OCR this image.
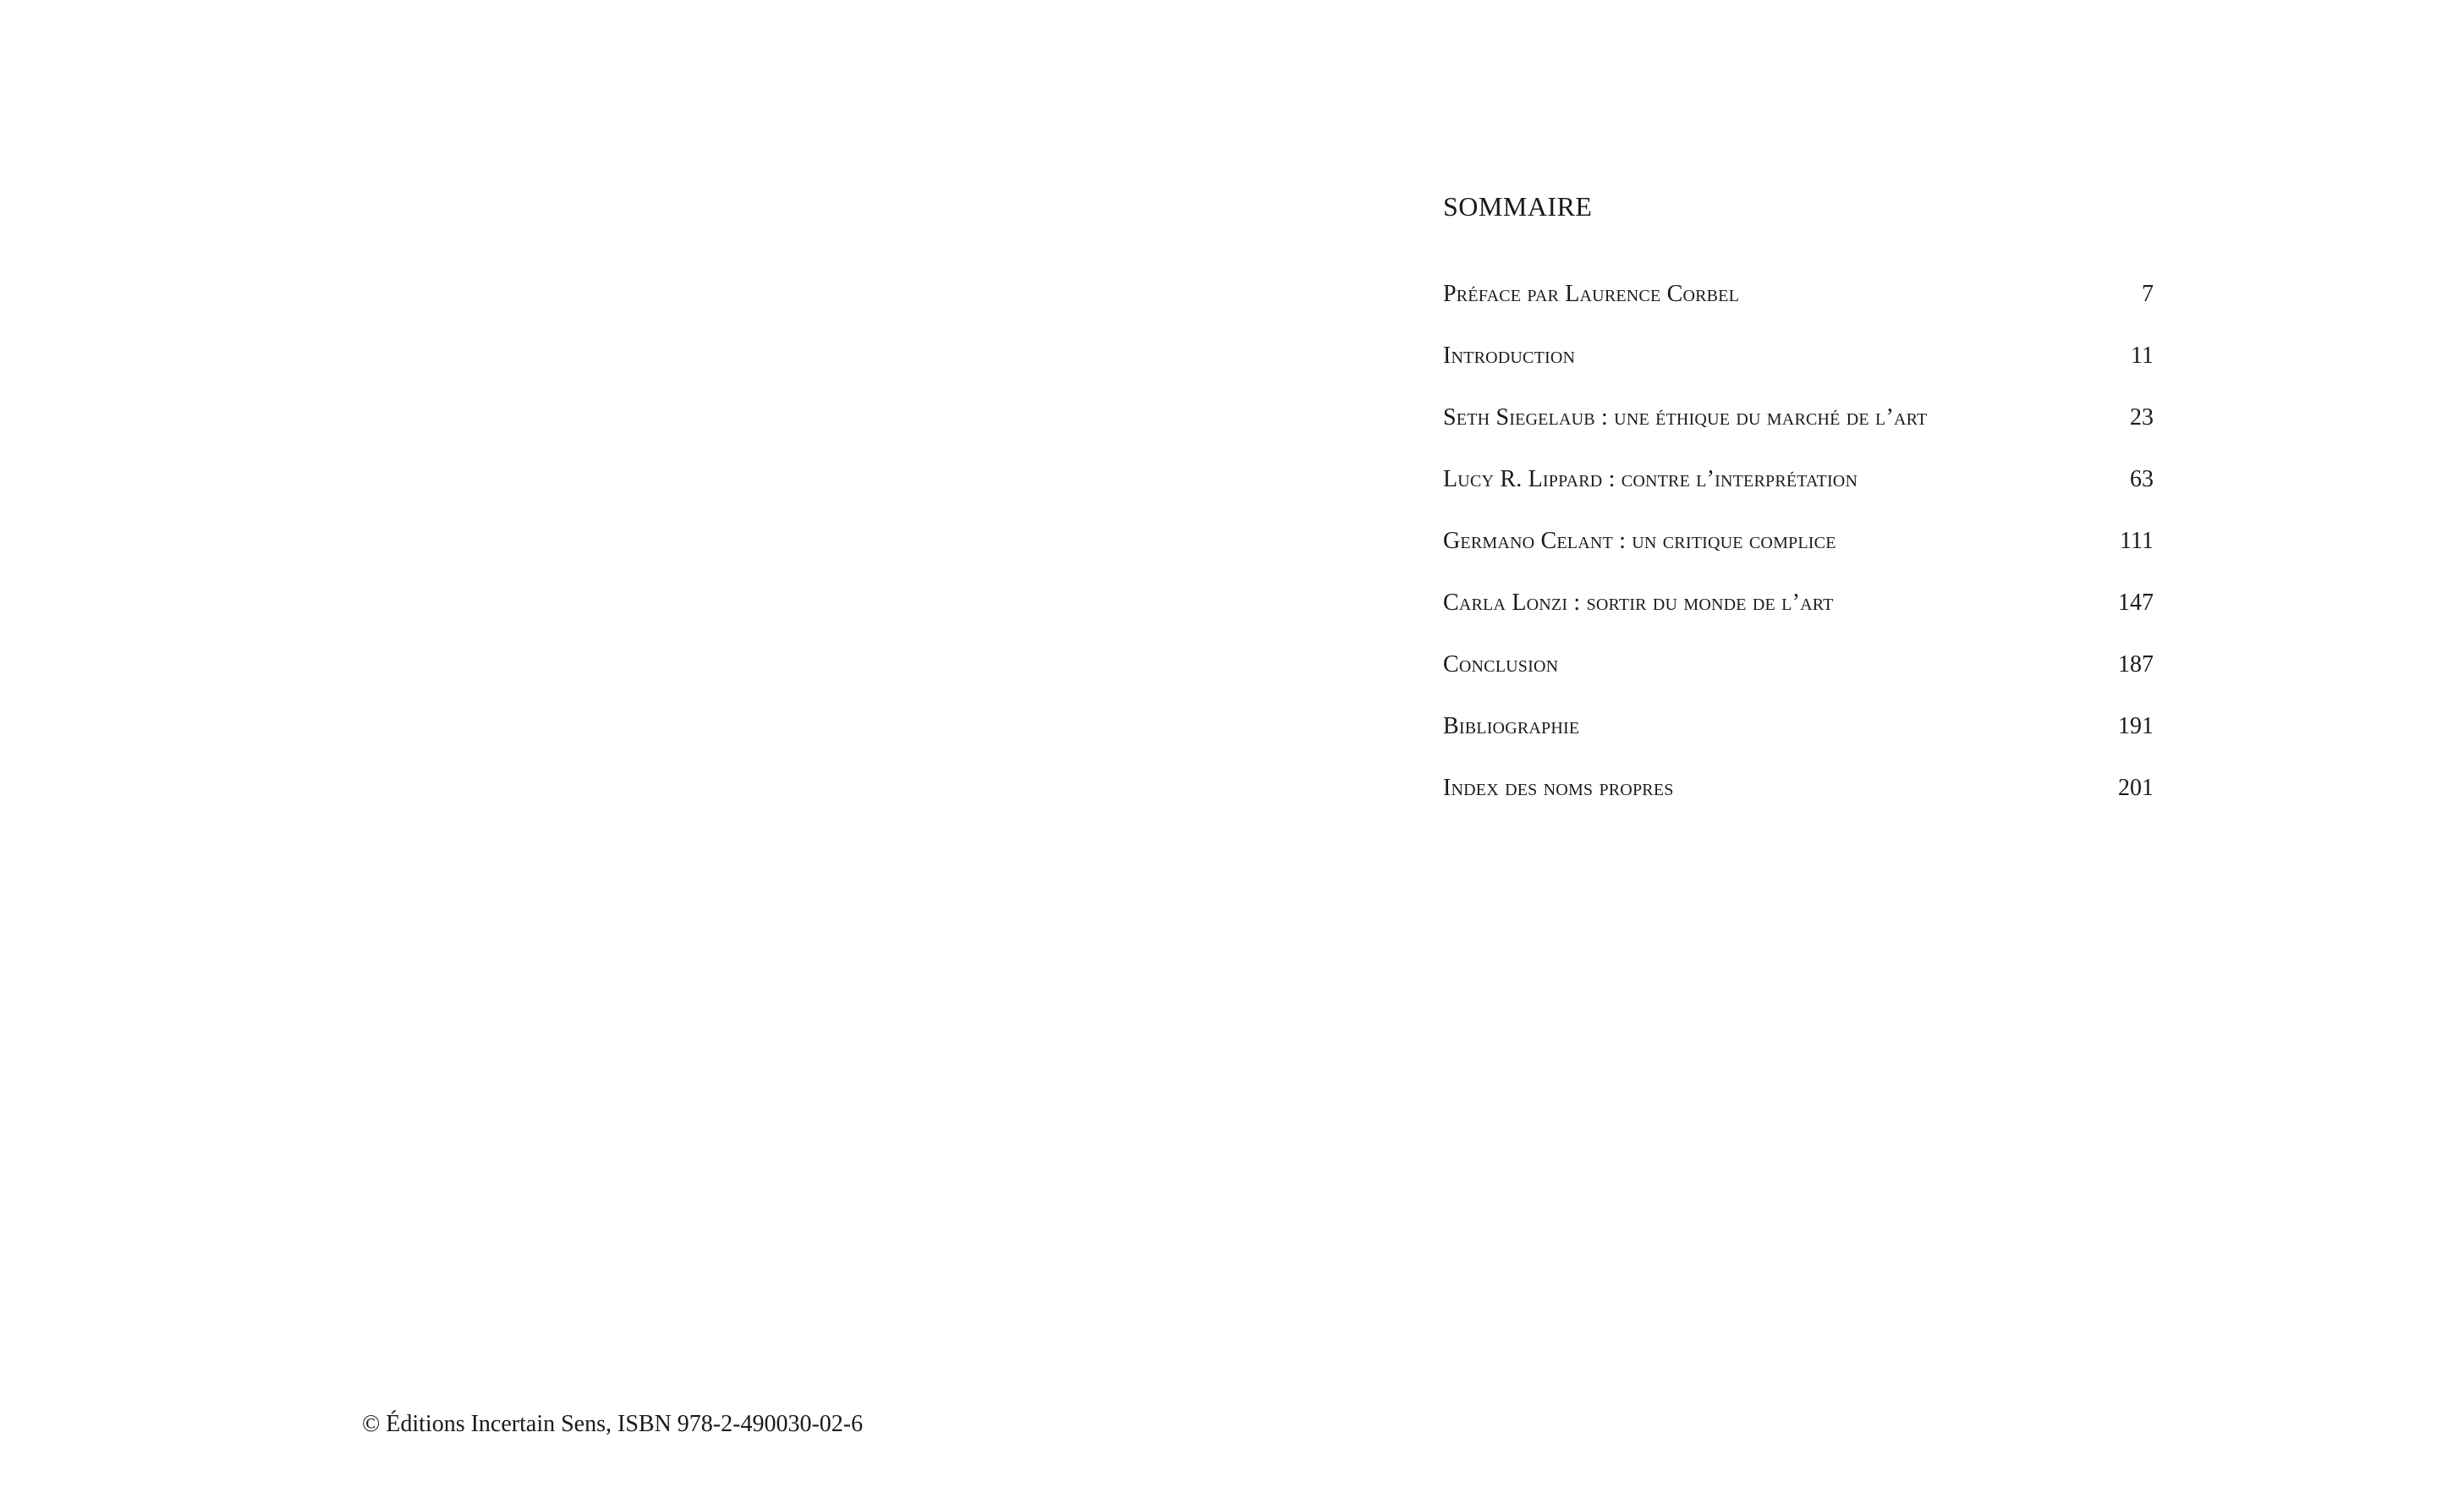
© Éditions Incertain Sens, ISBN 978-2-490030-02-6
SOMMAIRE
Préface par Laurence Corbel	7
Introduction	11
Seth Siegelaub : une éthique du marché de l’art	23
Lucy R. Lippard : contre l’interprétation	63
Germano Celant : un critique complice	111
Carla Lonzi : sortir du monde de l’art	147
Conclusion	187
Bibliographie	191
Index des noms propres	201
